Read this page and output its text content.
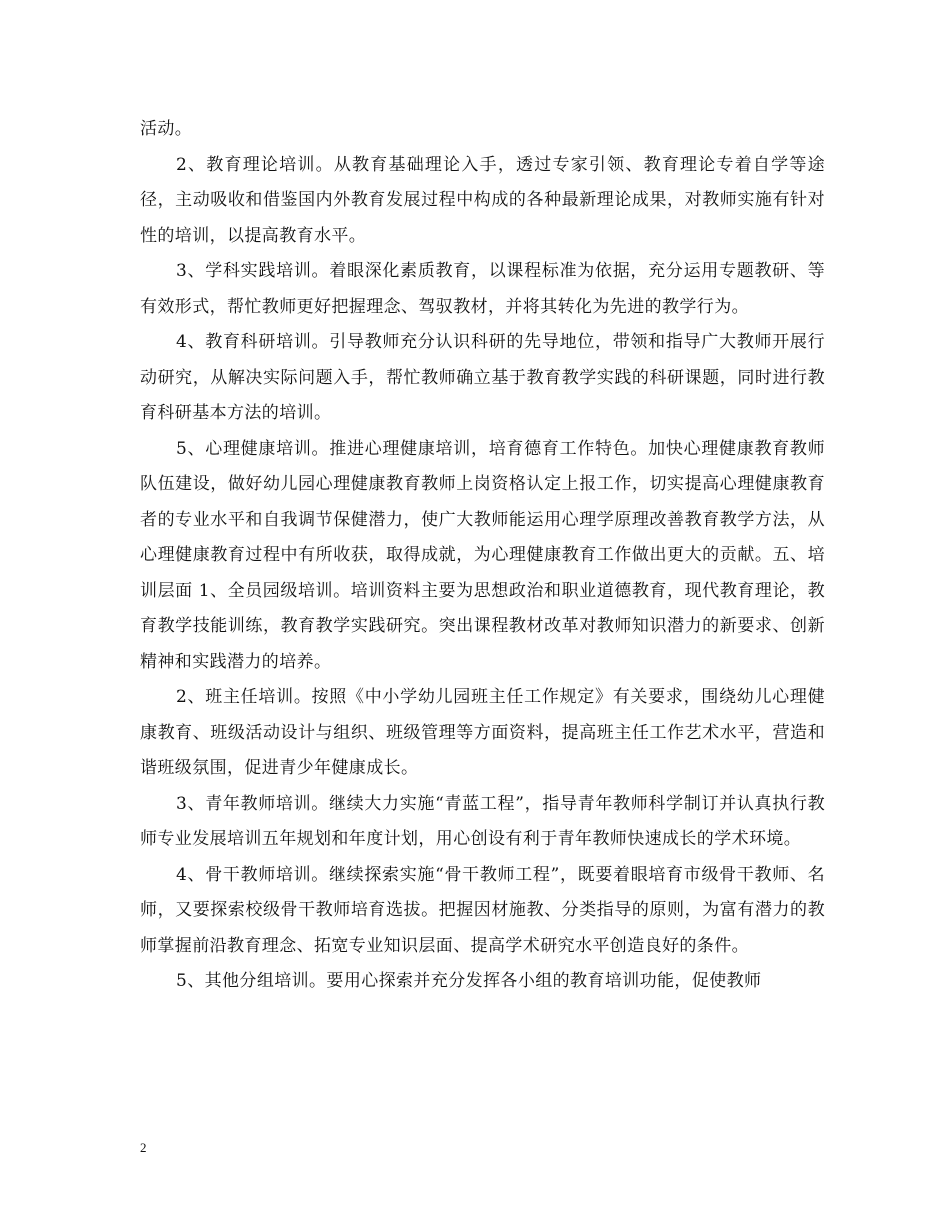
活动。

2、教育理论培训。从教育基础理论入手，透过专家引领、教育理论专着自学等途径，主动吸收和借鉴国内外教育发展过程中构成的各种最新理论成果，对教师实施有针对性的培训，以提高教育水平。

3、学科实践培训。着眼深化素质教育，以课程标准为依据，充分运用专题教研、等有效形式，帮忙教师更好把握理念、驾驭教材，并将其转化为先进的教学行为。

4、教育科研培训。引导教师充分认识科研的先导地位，带领和指导广大教师开展行动研究，从解决实际问题入手，帮忙教师确立基于教育教学实践的科研课题，同时进行教育科研基本方法的培训。

5、心理健康培训。推进心理健康培训，培育德育工作特色。加快心理健康教育教师队伍建设，做好幼儿园心理健康教育教师上岗资格认定上报工作，切实提高心理健康教育者的专业水平和自我调节保健潜力，使广大教师能运用心理学原理改善教育教学方法，从心理健康教育过程中有所收获，取得成就，为心理健康教育工作做出更大的贡献。五、培训层面 1、全员园级培训。培训资料主要为思想政治和职业道德教育，现代教育理论，教育教学技能训练，教育教学实践研究。突出课程教材改革对教师知识潜力的新要求、创新精神和实践潜力的培养。

2、班主任培训。按照《中小学幼儿园班主任工作规定》有关要求，围绕幼儿心理健康教育、班级活动设计与组织、班级管理等方面资料，提高班主任工作艺术水平，营造和谐班级氛围，促进青少年健康成长。

3、青年教师培训。继续大力实施“青蓝工程”，指导青年教师科学制订并认真执行教师专业发展培训五年规划和年度计划，用心创设有利于青年教师快速成长的学术环境。

4、骨干教师培训。继续探索实施“骨干教师工程”，既要着眼培育市级骨干教师、名师，又要探索校级骨干教师培育选拔。把握因材施教、分类指导的原则，为富有潜力的教师掌握前沿教育理念、拓宽专业知识层面、提高学术研究水平创造良好的条件。

5、其他分组培训。要用心探索并充分发挥各小组的教育培训功能，促使教师

2
